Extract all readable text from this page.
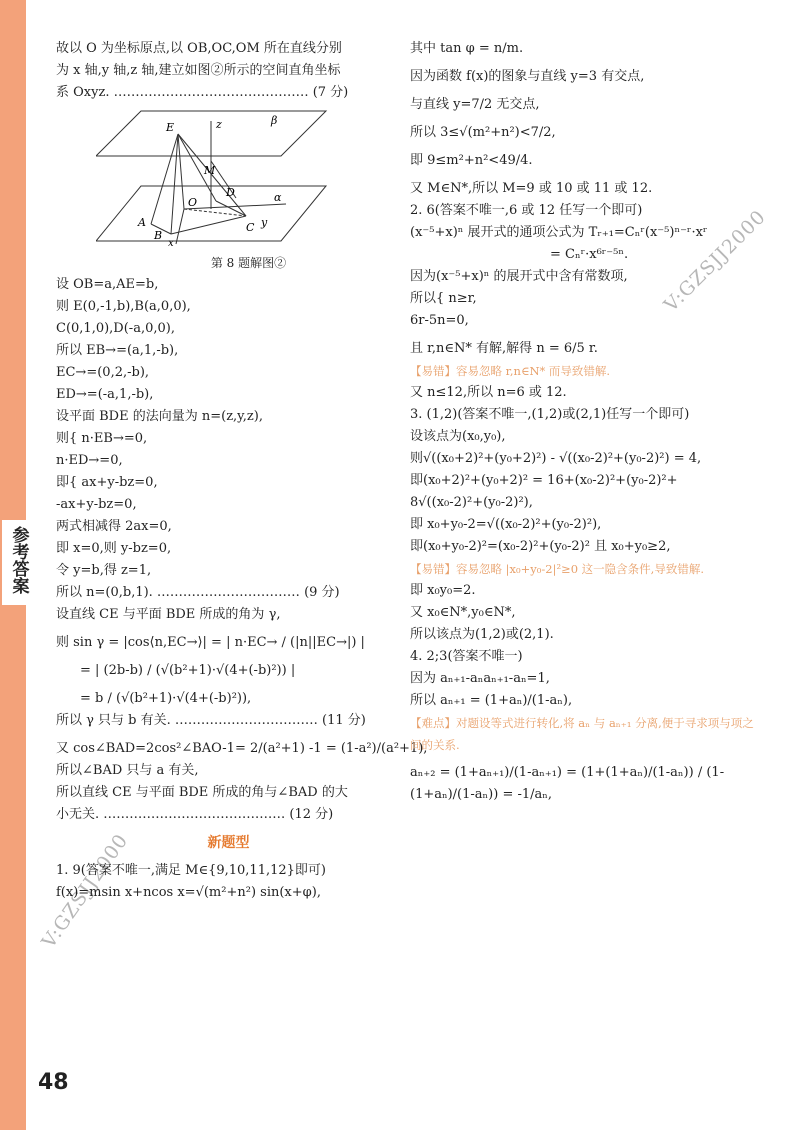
参考答案
V:GZSJJ2000
V:GZSJJ2000
故以 O 为坐标原点,以 OB,OC,OM 所在直线分别
为 x 轴,y 轴,z 轴,建立如图②所示的空间直角坐标
系 Oxyz. ……………………………………… (7 分)
E	z	β
M
D
O	α
A	C y
B
x
第 8 题解图②
设 OB=a,AE=b,
则 E(0,-1,b),B(a,0,0),
C(0,1,0),D(-a,0,0),
所以 EB→=(a,1,-b),
EC→=(0,2,-b),
ED→=(-a,1,-b),
设平面 BDE 的法向量为 n=(z,y,z),
则{ n·EB→=0,
n·ED→=0,
即{ ax+y-bz=0,
-ax+y-bz=0,
两式相减得 2ax=0,
即 x=0,则 y-bz=0,
令 y=b,得 z=1,
所以 n=(0,b,1). …………………………… (9 分)
设直线 CE 与平面 BDE 所成的角为 γ,
则 sin γ = |cos⟨n,EC→⟩| = | n·EC→ / (|n||EC→|) |
= | (2b-b) / (√(b²+1)·√(4+(-b)²)) |
= b / (√(b²+1)·√(4+(-b)²)),
所以 γ 只与 b 有关. …………………………… (11 分)
又 cos∠BAD=2cos²∠BAO-1= 2/(a²+1) -1 = (1-a²)/(a²+1),
所以∠BAD 只与 a 有关,
所以直线 CE 与平面 BDE 所成的角与∠BAD 的大
小无关. …………………………………… (12 分)
新题型
1. 9(答案不唯一,满足 M∈{9,10,11,12}即可)
f(x)=msin x+ncos x=√(m²+n²) sin(x+φ),
其中 tan φ = n/m.
因为函数 f(x)的图象与直线 y=3 有交点,
与直线 y=7/2 无交点,
所以 3≤√(m²+n²)<7/2,
即 9≤m²+n²<49/4.
又 M∈N*,所以 M=9 或 10 或 11 或 12.
2. 6(答案不唯一,6 或 12 任写一个即可)
(x⁻⁵+x)ⁿ 展开式的通项公式为 Tᵣ₊₁=Cₙʳ(x⁻⁵)ⁿ⁻ʳ·xʳ
= Cₙʳ·x⁶ʳ⁻⁵ⁿ.
因为(x⁻⁵+x)ⁿ 的展开式中含有常数项,
所以{ n≥r,
6r-5n=0,
且 r,n∈N* 有解,解得 n = 6/5 r.
【易错】容易忽略 r,n∈N* 而导致错解.
又 n≤12,所以 n=6 或 12.
3. (1,2)(答案不唯一,(1,2)或(2,1)任写一个即可)
设该点为(x₀,y₀),
则√((x₀+2)²+(y₀+2)²) - √((x₀-2)²+(y₀-2)²) = 4,
即(x₀+2)²+(y₀+2)² = 16+(x₀-2)²+(y₀-2)²+
8√((x₀-2)²+(y₀-2)²),
即 x₀+y₀-2=√((x₀-2)²+(y₀-2)²),
即(x₀+y₀-2)²=(x₀-2)²+(y₀-2)² 且 x₀+y₀≥2,
【易错】容易忽略 |x₀+y₀-2|²≥0 这一隐含条件,导致错解.
即 x₀y₀=2.
又 x₀∈N*,y₀∈N*,
所以该点为(1,2)或(2,1).
4. 2;3(答案不唯一)
因为 aₙ₊₁-aₙaₙ₊₁-aₙ=1,
所以 aₙ₊₁ = (1+aₙ)/(1-aₙ),
【难点】对题设等式进行转化,将 aₙ 与 aₙ₊₁ 分离,便于寻求项与项之间的关系.
aₙ₊₂ = (1+aₙ₊₁)/(1-aₙ₊₁) = (1+(1+aₙ)/(1-aₙ)) / (1-(1+aₙ)/(1-aₙ)) = -1/aₙ,
48
